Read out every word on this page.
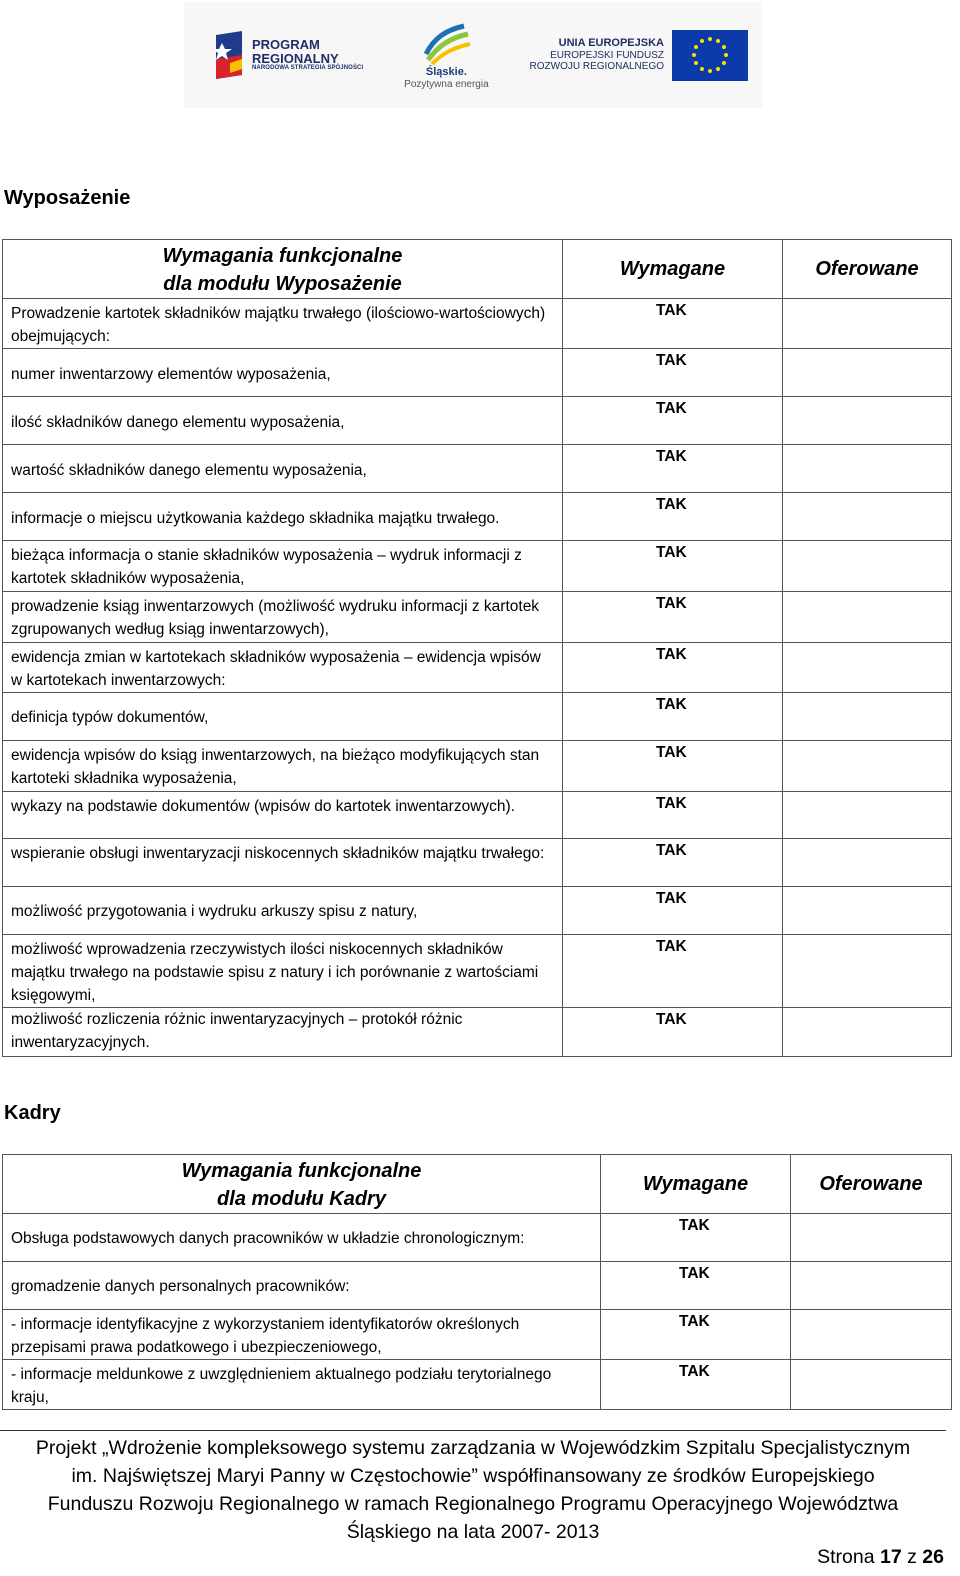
PROGRAM
REGIONALNY
NARODOWA STRATEGIA SPÓJNOŚCI	Śląskie.
Pozytywna energia
UNIA EUROPEJSKA
EUROPEJSKI FUNDUSZ
ROZWOJU REGIONALNEGO
Wyposażenie
Wymagania funkcjonalne
dla modułu Wyposażenie	Wymagane	Oferowane
Prowadzenie kartotek składników majątku trwałego (ilościowo-wartościowych) obejmujących:	TAK	
numer inwentarzowy elementów wyposażenia,	TAK	
ilość składników danego elementu wyposażenia,	TAK	
wartość składników danego elementu wyposażenia,	TAK	
informacje o miejscu użytkowania każdego składnika majątku trwałego.	TAK	
bieżąca informacja o stanie składników wyposażenia – wydruk informacji z kartotek składników wyposażenia,	TAK	
prowadzenie ksiąg inwentarzowych (możliwość wydruku informacji z kartotek zgrupowanych według ksiąg inwentarzowych),	TAK	
ewidencja zmian w kartotekach składników wyposażenia – ewidencja wpisów w kartotekach inwentarzowych:	TAK	
definicja typów dokumentów,	TAK	
ewidencja wpisów do ksiąg inwentarzowych, na bieżąco modyfikujących stan kartoteki składnika wyposażenia,	TAK	
wykazy na podstawie dokumentów (wpisów do kartotek inwentarzowych).	TAK	
wspieranie obsługi inwentaryzacji niskocennych składników majątku trwałego:	TAK	
możliwość przygotowania i wydruku arkuszy spisu z natury,	TAK	
możliwość wprowadzenia rzeczywistych ilości niskocennych składników majątku trwałego na podstawie spisu z natury i ich porównanie z wartościami księgowymi,	TAK	
możliwość rozliczenia różnic inwentaryzacyjnych – protokół różnic inwentaryzacyjnych.	TAK	
Kadry
Wymagania funkcjonalne
dla modułu Kadry	Wymagane	Oferowane
Obsługa podstawowych danych pracowników w układzie chronologicznym:	TAK	
gromadzenie danych personalnych pracowników:	TAK	
- informacje identyfikacyjne z wykorzystaniem identyfikatorów określonych przepisami prawa podatkowego i ubezpieczeniowego,	TAK	
- informacje meldunkowe z uwzględnieniem aktualnego podziału terytorialnego kraju,	TAK	
Projekt „Wdrożenie kompleksowego systemu zarządzania w Wojewódzkim Szpitalu Specjalistycznym
im. Najświętszej Maryi Panny w Częstochowie” współfinansowany ze środków Europejskiego
Funduszu Rozwoju Regionalnego w ramach Regionalnego Programu Operacyjnego Województwa
Śląskiego na lata 2007- 2013
Strona 17 z 26
